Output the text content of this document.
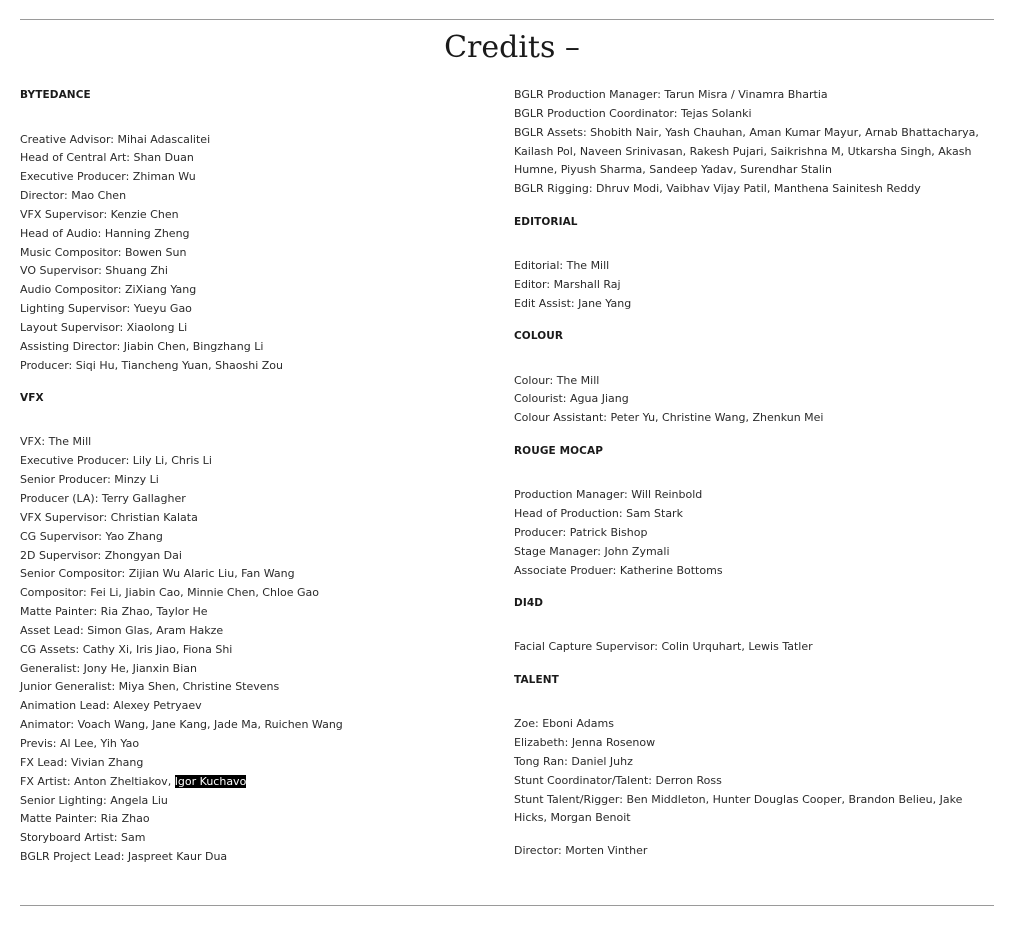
Credits –
BYTEDANCE
Creative Advisor: Mihai Adascalitei
Head of Central Art: Shan Duan
Executive Producer: Zhiman Wu
Director: Mao Chen
VFX Supervisor: Kenzie Chen
Head of Audio: Hanning Zheng
Music Compositor: Bowen Sun
VO Supervisor: Shuang Zhi
Audio Compositor: ZiXiang Yang
Lighting Supervisor: Yueyu Gao
Layout Supervisor: Xiaolong Li
Assisting Director: Jiabin Chen, Bingzhang Li
Producer: Siqi Hu, Tiancheng Yuan, Shaoshi Zou
VFX
VFX: The Mill
Executive Producer: Lily Li, Chris Li
Senior Producer: Minzy Li
Producer (LA): Terry Gallagher
VFX Supervisor: Christian Kalata
CG Supervisor: Yao Zhang
2D Supervisor: Zhongyan Dai
Senior Compositor: Zijian Wu Alaric Liu, Fan Wang
Compositor: Fei Li, Jiabin Cao, Minnie Chen, Chloe Gao
Matte Painter: Ria Zhao, Taylor He
Asset Lead: Simon Glas, Aram Hakze
CG Assets: Cathy Xi, Iris Jiao, Fiona Shi
Generalist: Jony He, Jianxin Bian
Junior Generalist: Miya Shen, Christine Stevens
Animation Lead: Alexey Petryaev
Animator: Voach Wang, Jane Kang, Jade Ma, Ruichen Wang
Previs: Al Lee, Yih Yao
FX Lead: Vivian Zhang
FX Artist: Anton Zheltiakov, Igor Kuchavo
Senior Lighting: Angela Liu
Matte Painter: Ria Zhao
Storyboard Artist: Sam
BGLR Project Lead: Jaspreet Kaur Dua
BGLR Production Manager: Tarun Misra / Vinamra Bhartia
BGLR Production Coordinator: Tejas Solanki
BGLR Assets: Shobith Nair, Yash Chauhan, Aman Kumar Mayur, Arnab Bhattacharya, Kailash Pol, Naveen Srinivasan, Rakesh Pujari, Saikrishna M, Utkarsha Singh, Akash Humne, Piyush Sharma, Sandeep Yadav, Surendhar Stalin
BGLR Rigging: Dhruv Modi, Vaibhav Vijay Patil, Manthena Sainitesh Reddy
EDITORIAL
Editorial: The Mill
Editor: Marshall Raj
Edit Assist: Jane Yang
COLOUR
Colour: The Mill
Colourist: Agua Jiang
Colour Assistant: Peter Yu, Christine Wang, Zhenkun Mei
ROUGE MOCAP
Production Manager: Will Reinbold
Head of Production: Sam Stark
Producer: Patrick Bishop
Stage Manager: John Zymali
Associate Produer: Katherine Bottoms
DI4D
Facial Capture Supervisor: Colin Urquhart, Lewis Tatler
TALENT
Zoe: Eboni Adams
Elizabeth: Jenna Rosenow
Tong Ran: Daniel Juhz
Stunt Coordinator/Talent: Derron Ross
Stunt Talent/Rigger: Ben Middleton, Hunter Douglas Cooper, Brandon Belieu, Jake Hicks, Morgan Benoit
Director: Morten Vinther
